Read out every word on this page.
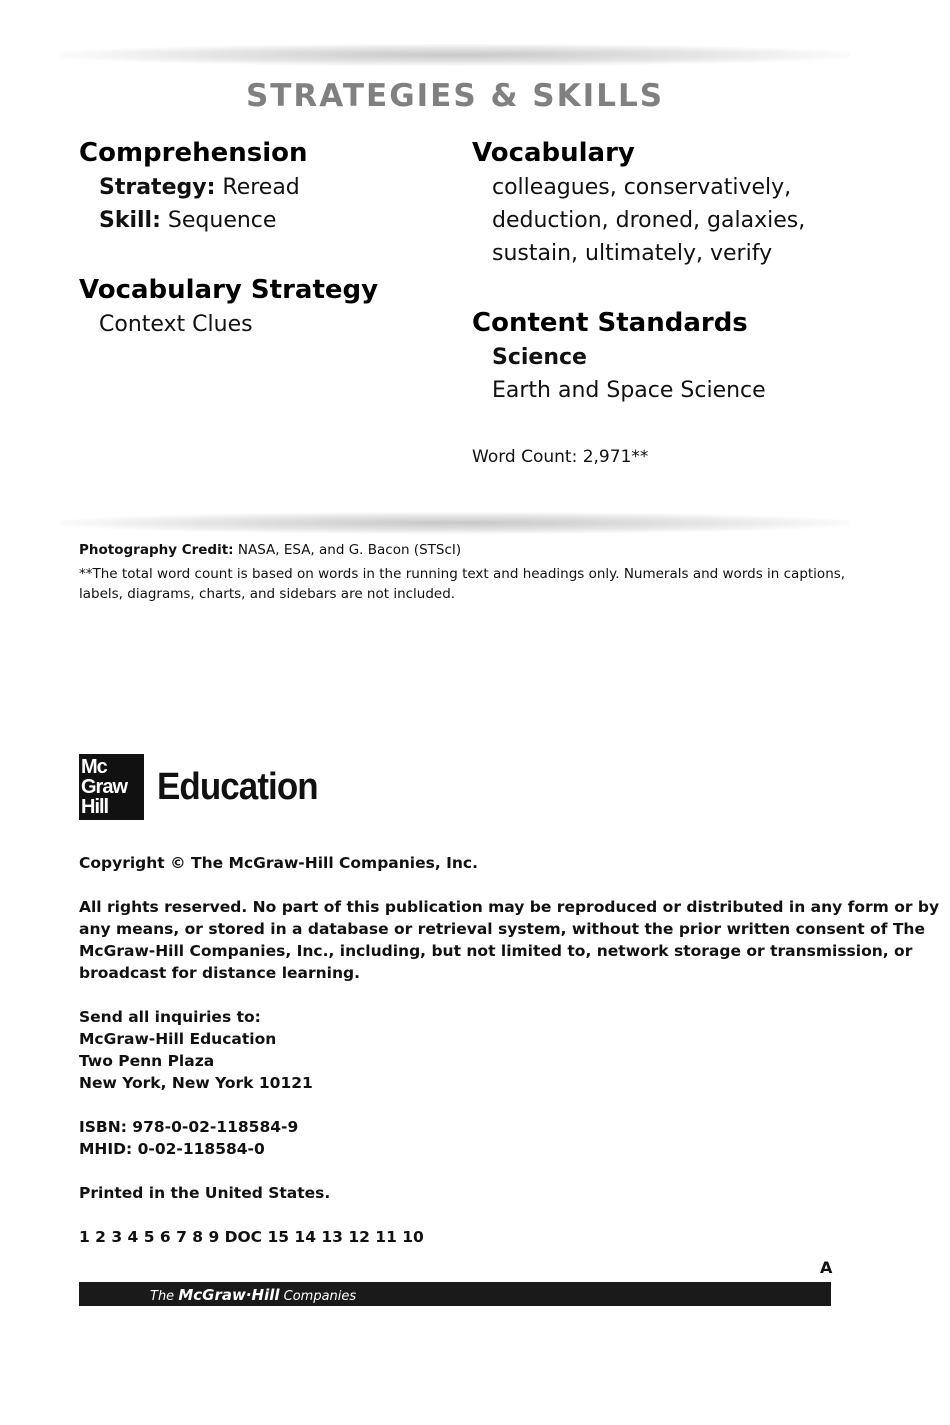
STRATEGIES & SKILLS
Comprehension
Strategy: Reread
Skill: Sequence
Vocabulary Strategy
Context Clues
Vocabulary
colleagues, conservatively,
deduction, droned, galaxies,
sustain, ultimately, verify
Content Standards
Science
Earth and Space Science
Word Count: 2,971**
Photography Credit: NASA, ESA, and G. Bacon (STScI)
**The total word count is based on words in the running text and headings only. Numerals and words in captions,
labels, diagrams, charts, and sidebars are not included.
Mc
Graw
Hill	Education
Copyright © The McGraw-Hill Companies, Inc.
All rights reserved. No part of this publication may be reproduced or distributed in any form or by
any means, or stored in a database or retrieval system, without the prior written consent of The
McGraw-Hill Companies, Inc., including, but not limited to, network storage or transmission, or
broadcast for distance learning.
Send all inquiries to:
McGraw-Hill Education
Two Penn Plaza
New York, New York 10121
ISBN: 978-0-02-118584-9
MHID: 0-02-118584-0
Printed in the United States.
1 2 3 4 5 6 7 8 9 DOC 15 14 13 12 11 10
A
The McGraw·Hill Companies
